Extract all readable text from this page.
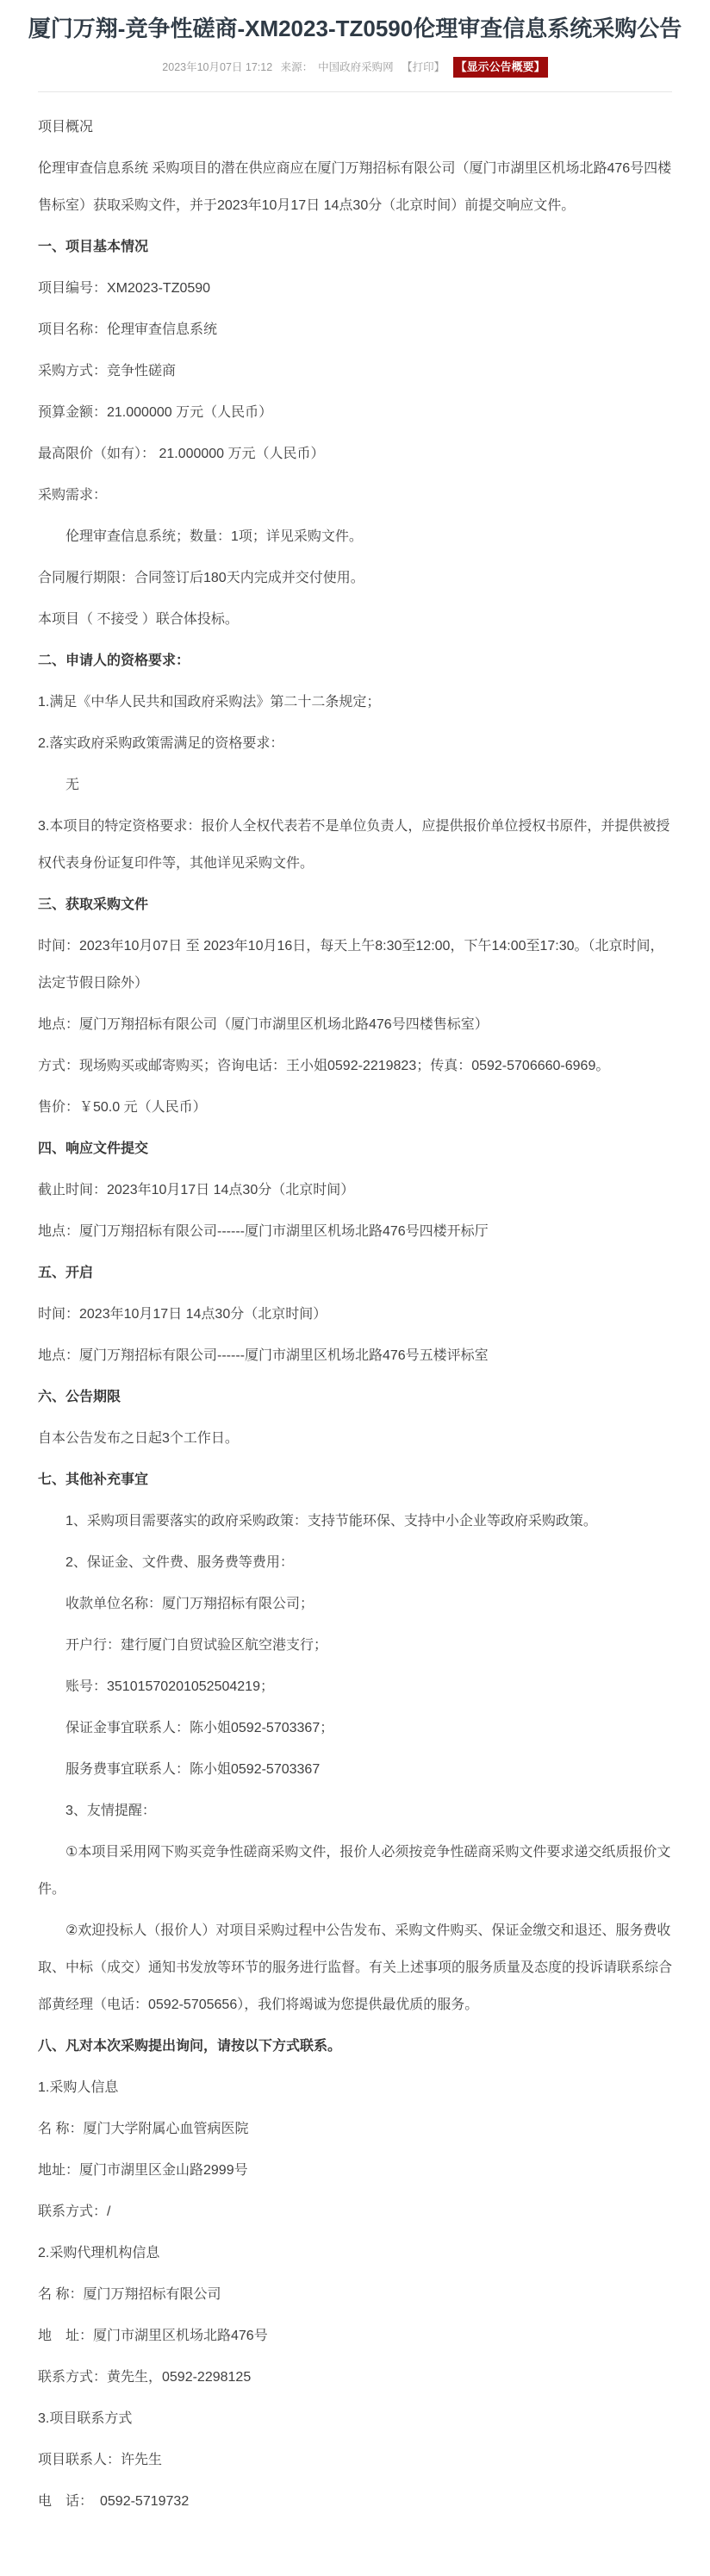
厦门万翔-竞争性磋商-XM2023-TZ0590伦理审查信息系统采购公告
2023年10月07日 17:12 来源： 中国政府采购网 【打印】 【显示公告概要】

项目概况

伦理审查信息系统 采购项目的潜在供应商应在厦门万翔招标有限公司（厦门市湖里区机场北路476号四楼售标室）获取采购文件，并于2023年10月17日 14点30分（北京时间）前提交响应文件。

一、项目基本情况

项目编号：XM2023-TZ0590

项目名称：伦理审查信息系统

采购方式：竞争性磋商

预算金额：21.000000 万元（人民币）

最高限价（如有）： 21.000000 万元（人民币）

采购需求：

伦理审查信息系统；数量：1项；详见采购文件。

合同履行期限：合同签订后180天内完成并交付使用。

本项目（ 不接受 ）联合体投标。

二、申请人的资格要求：

1.满足《中华人民共和国政府采购法》第二十二条规定；

2.落实政府采购政策需满足的资格要求：

无

3.本项目的特定资格要求：报价人全权代表若不是单位负责人，应提供报价单位授权书原件，并提供被授权代表身份证复印件等，其他详见采购文件。

三、获取采购文件

时间：2023年10月07日 至 2023年10月16日，每天上午8:30至12:00，下午14:00至17:30。（北京时间，法定节假日除外）

地点：厦门万翔招标有限公司（厦门市湖里区机场北路476号四楼售标室）

方式：现场购买或邮寄购买；咨询电话：王小姐0592-2219823；传真：0592-5706660-6969。

售价：￥50.0 元（人民币）

四、响应文件提交

截止时间：2023年10月17日 14点30分（北京时间）

地点：厦门万翔招标有限公司------厦门市湖里区机场北路476号四楼开标厅

五、开启

时间：2023年10月17日 14点30分（北京时间）

地点：厦门万翔招标有限公司------厦门市湖里区机场北路476号五楼评标室

六、公告期限

自本公告发布之日起3个工作日。

七、其他补充事宜

1、采购项目需要落实的政府采购政策：支持节能环保、支持中小企业等政府采购政策。

2、保证金、文件费、服务费等费用：

收款单位名称：厦门万翔招标有限公司；

开户行：建行厦门自贸试验区航空港支行；

账号：35101570201052504219；

保证金事宜联系人：陈小姐0592-5703367；

服务费事宜联系人：陈小姐0592-5703367

3、友情提醒：

①本项目采用网下购买竞争性磋商采购文件，报价人必须按竞争性磋商采购文件要求递交纸质报价文件。

②欢迎投标人（报价人）对项目采购过程中公告发布、采购文件购买、保证金缴交和退还、服务费收取、中标（成交）通知书发放等环节的服务进行监督。有关上述事项的服务质量及态度的投诉请联系综合部黄经理（电话：0592-5705656），我们将竭诚为您提供最优质的服务。

八、凡对本次采购提出询问，请按以下方式联系。

1.采购人信息

名 称：厦门大学附属心血管病医院

地址：厦门市湖里区金山路2999号

联系方式：/

2.采购代理机构信息

名 称：厦门万翔招标有限公司

地　址：厦门市湖里区机场北路476号

联系方式：黄先生，0592-2298125

3.项目联系方式

项目联系人：许先生

电　话：　0592-5719732
